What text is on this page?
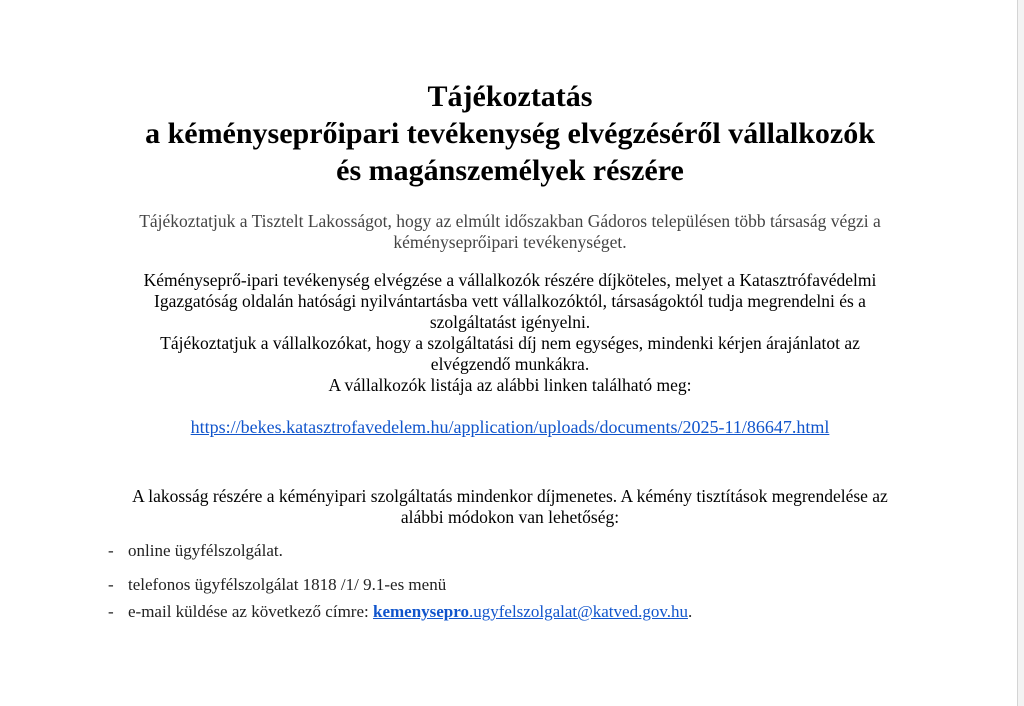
Tájékoztatás
a kéményseprőipari tevékenység elvégzéséről vállalkozók
és magánszemélyek részére

Tájékoztatjuk a Tisztelt Lakosságot, hogy az elmúlt időszakban Gádoros településen több társaság végzi a
kéményseprőipari tevékenységet.

Kéményseprő-ipari tevékenység elvégzése a vállalkozók részére díjköteles, melyet a Katasztrófavédelmi
Igazgatóság oldalán hatósági nyilvántartásba vett vállalkozóktól, társaságoktól tudja megrendelni és a
szolgáltatást igényelni.
Tájékoztatjuk a vállalkozókat, hogy a szolgáltatási díj nem egységes, mindenki kérjen árajánlatot az
elvégzendő munkákra.
A vállalkozók listája az alábbi linken található meg:

https://bekes.katasztrofavedelem.hu/application/uploads/documents/2025-11/86647.html

A lakosság részére a kéményipari szolgáltatás mindenkor díjmenetes. A kémény tisztítások megrendelése az
alábbi módokon van lehetőség:

- online ügyfélszolgálat.
- telefonos ügyfélszolgálat 1818 /1/ 9.1-es menü
- e-mail küldése az következő címre: kemenysepro.ugyfelszolgalat@katved.gov.hu.
